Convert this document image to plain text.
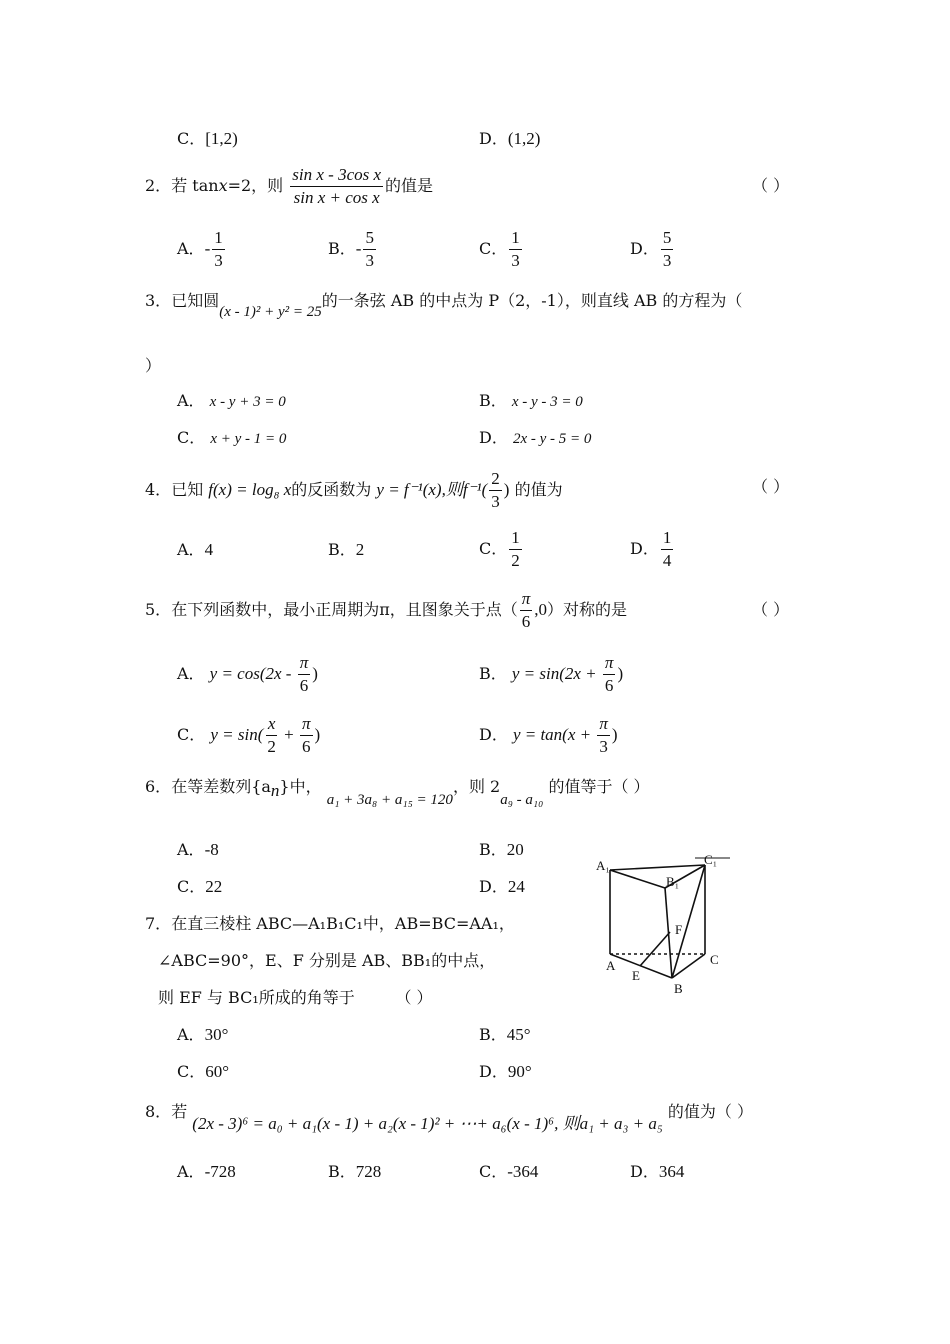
C．[1,2)	D．(1,2)
2．若 tanx=2，则 $\frac{\text{sin x - 3cos x}}{\text{sin x + cos x}}$ 的值是	（ ）
A．- $\frac{1}{3}$	B．- $\frac{5}{3}$	C． $\frac{1}{3}$	D． $\frac{5}{3}$
3．已知圆(x - 1)² + y² = 25的一条弦 AB 的中点为 P（2，-1），则直线 AB 的方程为（
）
A． x - y + 3 = 0	B． x - y - 3 = 0
C． x + y - 1 = 0	D． 2x - y - 5 = 0
4．已知 f(x) = log₈ x的反函数为 y = f⁻¹(x),则$f^{-1}( \frac{2}{3}$ ) 的值为	（ ）
A．4	B．2	C． $\frac{1}{2}$	D． $\frac{1}{4}$
5．在下列函数中，最小正周期为π，且图象关于点（ $\frac{\pi}{6} ,0$）对称的是	（ ）
A． $y = \cos(2x - \frac{\pi}{6}$ )	B． $y = \sin(2x + \frac{\pi}{6}$ )
C． $y = \sin( \frac{x}{2} + \frac{\pi}{6}$ )	D． $y = \tan(x + \frac{\pi}{3}$ )
6．在等差数列$\{a_n\}$中， a₁ + 3a₈ + a₁₅ = 120，则 2a₉ - a₁₀ 的值等于（ ）
A．-8	B．20
C．22	D．24
7．在直三棱柱 ABC—A₁B₁C₁中，AB=BC=AA₁，
∠ABC=90°，E、F 分别是 AB、BB₁的中点，
则 EF 与 BC₁所成的角等于	（ ）
A．30°	B．45°
C．60°	D．90°
A₁
B₁
C₁
A
B
C
E
F
8．若 (2x - 3)⁶ = a₀ + a₁(x - 1) + a₂(x - 1)² + ⋯+ a₆(x - 1)⁶, 则a₁ + a₃ + a₅ 的值为（ ）
A．-728	B．728	C．-364	D．364
